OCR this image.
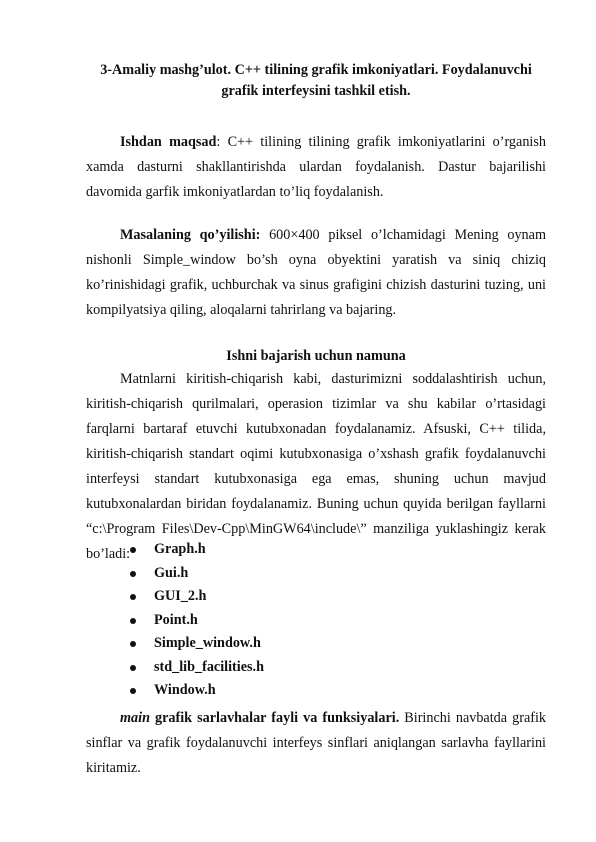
3-Amaliy mashg’ulot. C++ tilining grafik imkoniyatlari. Foydalanuvchi
grafik interfeysini tashkil etish.

Ishdan maqsad: C++ tilining tilining grafik imkoniyatlarini o’rganish xamda dasturni shakllantirishda ulardan foydalanish. Dastur bajarilishi davomida garfik imkoniyatlardan to’liq foydalanish.

Masalaning qo’yilishi: 600×400 piksel o’lchamidagi Mening oynam nishonli Simple_window bo’sh oyna obyektini yaratish va siniq chiziq ko’rinishidagi grafik, uchburchak va sinus grafigini chizish dasturini tuzing, uni kompilyatsiya qiling, aloqalarni tahrirlang va bajaring.

Ishni bajarish uchun namuna

Matnlarni kiritish-chiqarish kabi, dasturimizni soddalashtirish uchun, kiritish-chiqarish qurilmalari, operasion tizimlar va shu kabilar o’rtasidagi farqlarni bartaraf etuvchi kutubxonadan foydalanamiz. Afsuski, C++ tilida, kiritish-chiqarish standart oqimi kutubxonasiga o’xshash grafik foydalanuvchi interfeysi standart kutubxonasiga ega emas, shuning uchun mavjud kutubxonalardan biridan foydalanamiz. Buning uchun quyida berilgan fayllarni “c:\Program Files\Dev-Cpp\MinGW64\include\” manziliga yuklashingiz kerak bo’ladi:	Graph.h
Gui.h
GUI_2.h
Point.h
Simple_window.h
std_lib_facilities.h
Window.h

main grafik sarlavhalar fayli va funksiyalari. Birinchi navbatda grafik sinflar va grafik foydalanuvchi interfeys sinflari aniqlangan sarlavha fayllarini kiritamiz.
